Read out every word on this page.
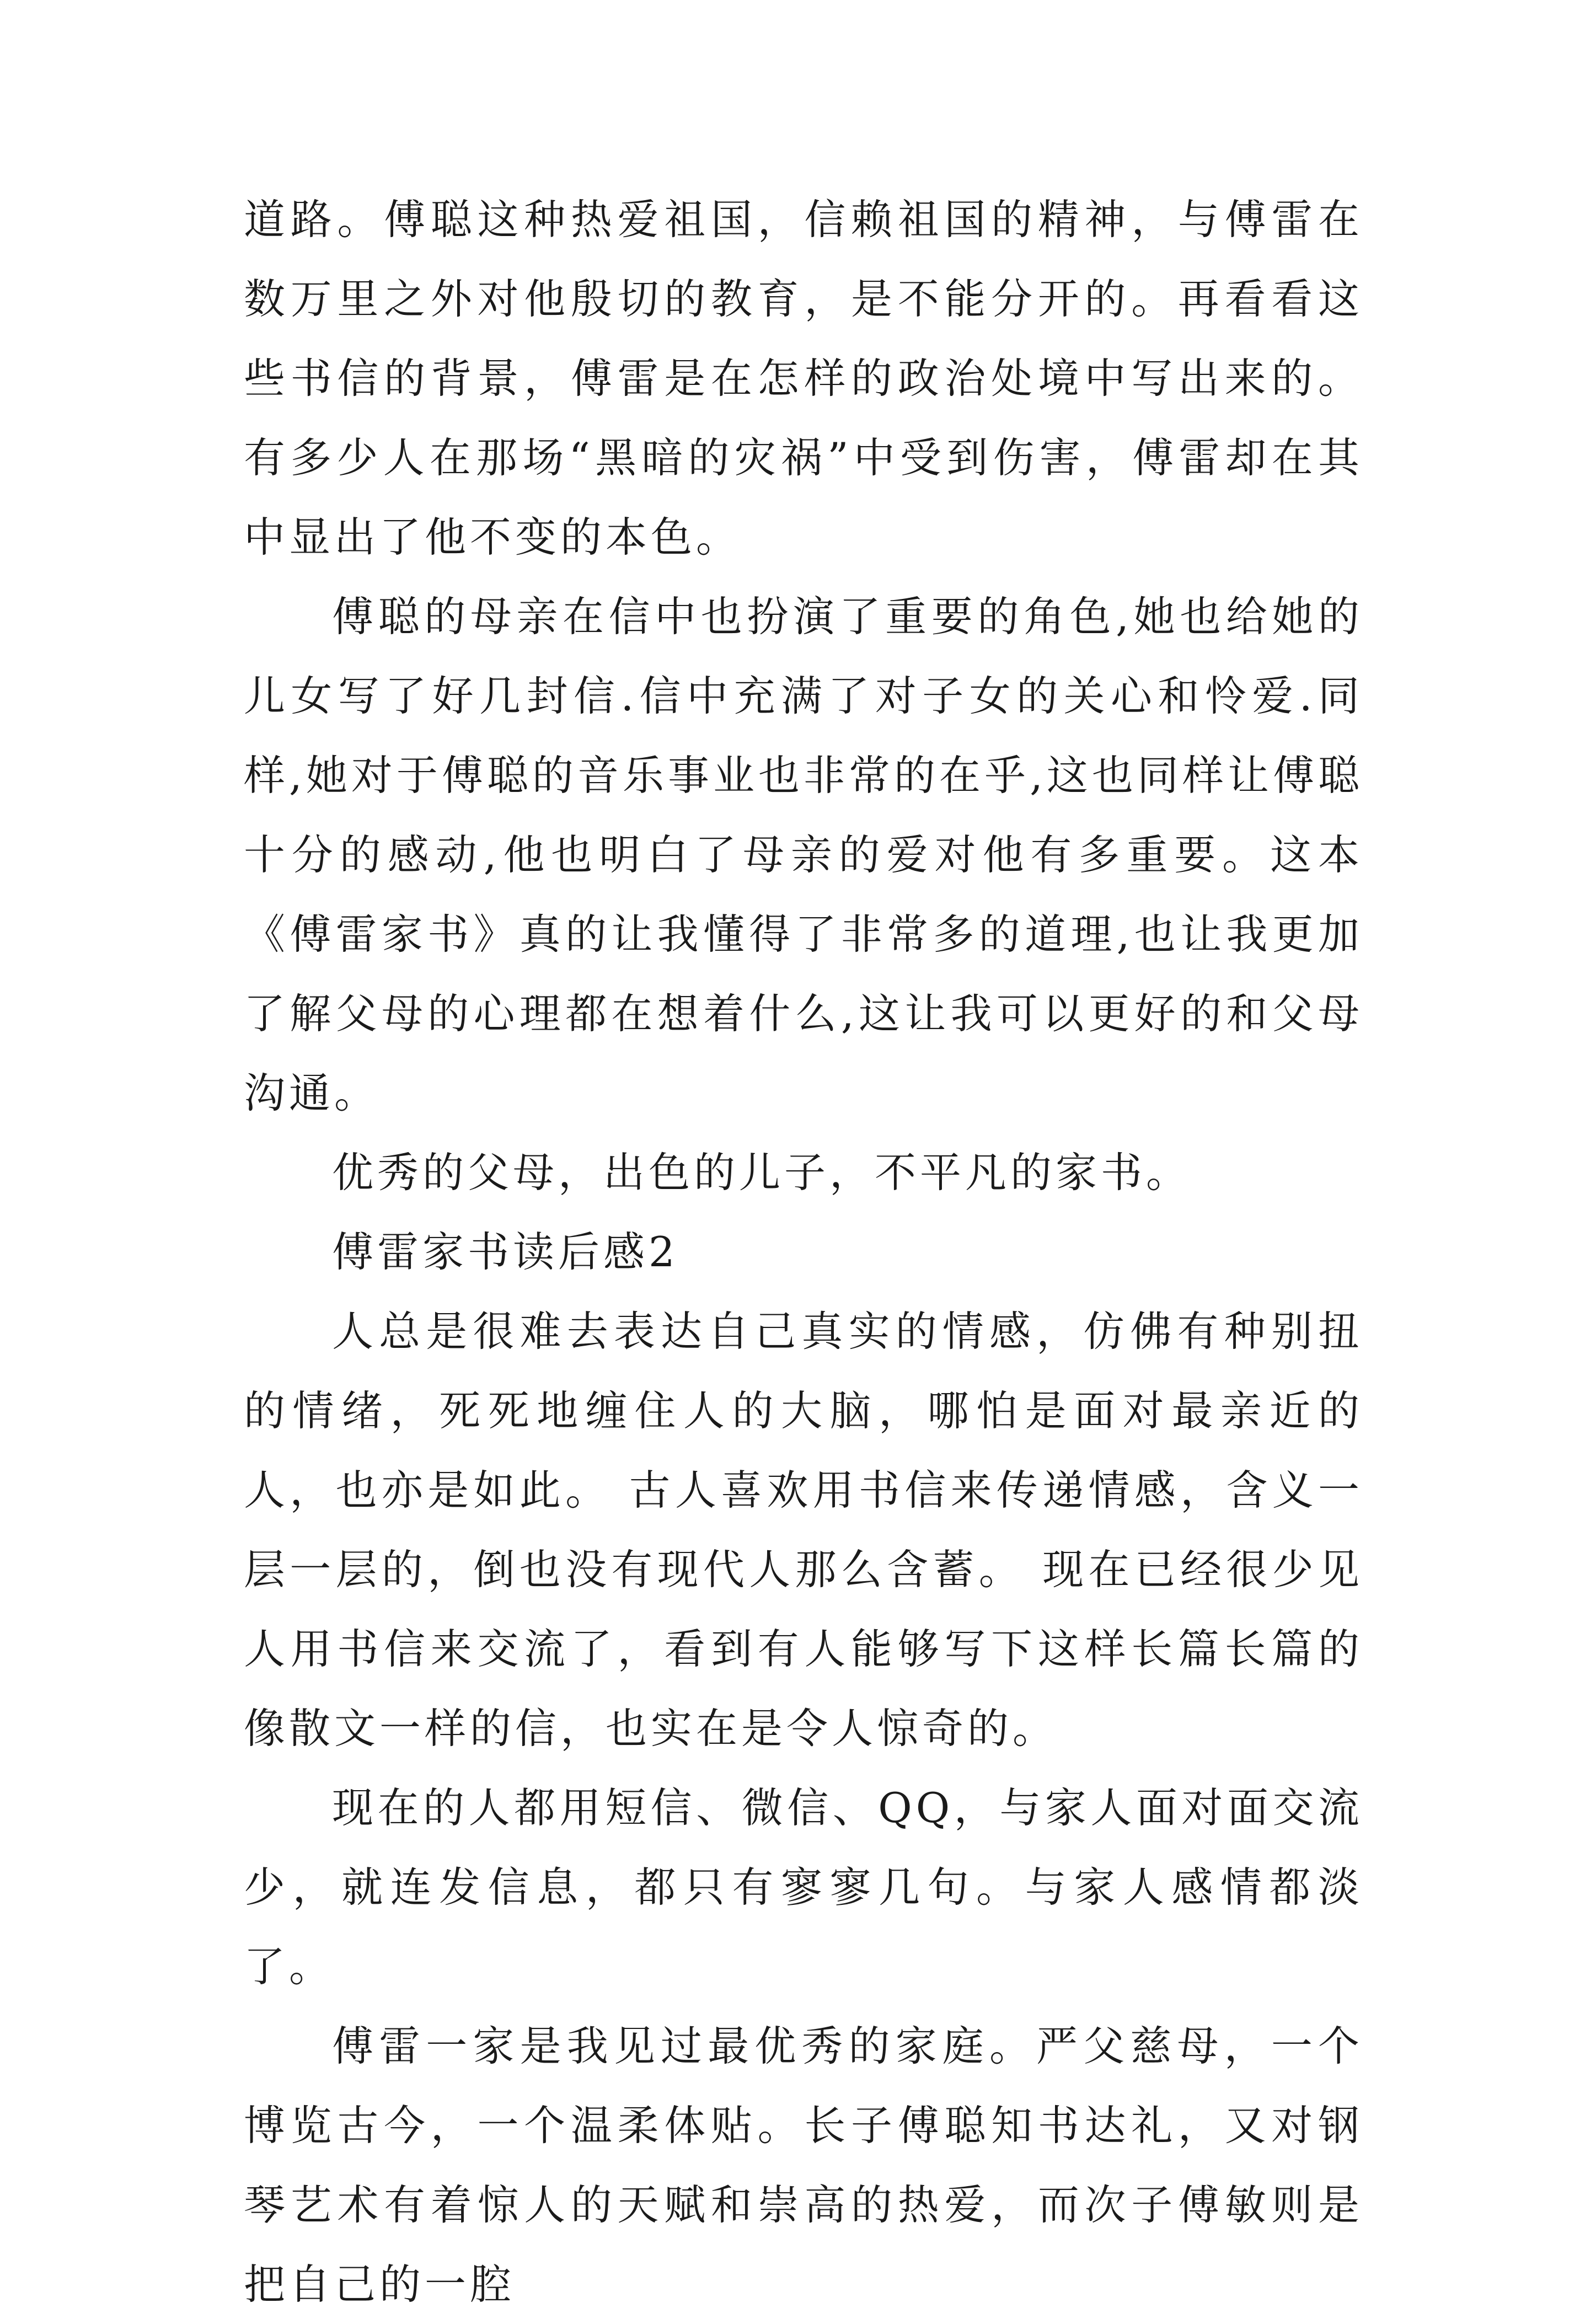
道路。傅聪这种热爱祖国，信赖祖国的精神，与傅雷在数万里之外对他殷切的教育，是不能分开的。再看看这些书信的背景，傅雷是在怎样的政治处境中写出来的。有多少人在那场“黑暗的灾祸”中受到伤害，傅雷却在其中显出了他不变的本色。

傅聪的母亲在信中也扮演了重要的角色,她也给她的儿女写了好几封信.信中充满了对子女的关心和怜爱.同样,她对于傅聪的音乐事业也非常的在乎,这也同样让傅聪十分的感动,他也明白了母亲的爱对他有多重要。这本《傅雷家书》真的让我懂得了非常多的道理,也让我更加了解父母的心理都在想着什么,这让我可以更好的和父母沟通。

优秀的父母，出色的儿子，不平凡的家书。

傅雷家书读后感2

人总是很难去表达自己真实的情感，仿佛有种别扭的情绪，死死地缠住人的大脑，哪怕是面对最亲近的人，也亦是如此。 古人喜欢用书信来传递情感，含义一层一层的，倒也没有现代人那么含蓄。 现在已经很少见人用书信来交流了，看到有人能够写下这样长篇长篇的像散文一样的信，也实在是令人惊奇的。

现在的人都用短信、微信、QQ，与家人面对面交流少，就连发信息，都只有寥寥几句。与家人感情都淡了。

傅雷一家是我见过最优秀的家庭。严父慈母，一个博览古今，一个温柔体贴。长子傅聪知书达礼，又对钢琴艺术有着惊人的天赋和崇高的热爱，而次子傅敏则是把自己的一腔
